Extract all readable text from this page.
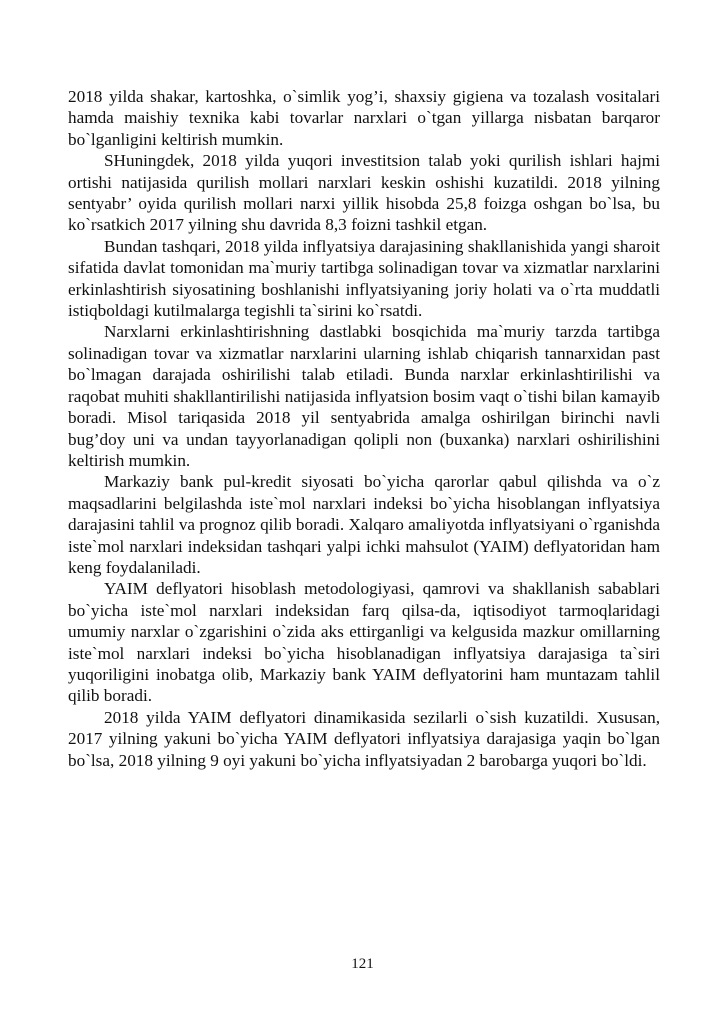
2018 yilda shakar, kartoshka, o`simlik yog’i, shaxsiy gigiena va tozalash vositalari hamda maishiy texnika kabi tovarlar narxlari o`tgan yillarga nisbatan barqaror bo`lganligini keltirish mumkin.

SHuningdek, 2018 yilda yuqori investitsion talab yoki qurilish ishlari hajmi ortishi natijasida qurilish mollari narxlari keskin oshishi kuzatildi. 2018 yilning sentyabr’ oyida qurilish mollari narxi yillik hisobda 25,8 foizga oshgan bo`lsa, bu ko`rsatkich 2017 yilning shu davrida 8,3 foizni tashkil etgan.

Bundan tashqari, 2018 yilda inflyatsiya darajasining shakllanishida yangi sharoit sifatida davlat tomonidan ma`muriy tartibga solinadigan tovar va xizmatlar narxlarini erkinlashtirish siyosatining boshlanishi inflyatsiyaning joriy holati va o`rta muddatli istiqboldagi kutilmalarga tegishli ta`sirini ko`rsatdi.

Narxlarni erkinlashtirishning dastlabki bosqichida ma`muriy tarzda tartibga solinadigan tovar va xizmatlar narxlarini ularning ishlab chiqarish tannarxidan past bo`lmagan darajada oshirilishi talab etiladi. Bunda narxlar erkinlashtirilishi va raqobat muhiti shakllantirilishi natijasida inflyatsion bosim vaqt o`tishi bilan kamayib boradi. Misol tariqasida 2018 yil sentyabrida amalga oshirilgan birinchi navli bug’doy uni va undan tayyorlanadigan qolipli non (buxanka) narxlari oshirilishini keltirish mumkin.

Markaziy bank pul-kredit siyosati bo`yicha qarorlar qabul qilishda va o`z maqsadlarini belgilashda iste`mol narxlari indeksi bo`yicha hisoblangan inflyatsiya darajasini tahlil va prognoz qilib boradi. Xalqaro amaliyotda inflyatsiyani o`rganishda iste`mol narxlari indeksidan tashqari yalpi ichki mahsulot (YAIM) deflyatoridan ham keng foydalaniladi.

YAIM deflyatori hisoblash metodologiyasi, qamrovi va shakllanish sabablari bo`yicha iste`mol narxlari indeksidan farq qilsa-da, iqtisodiyot tarmoqlaridagi umumiy narxlar o`zgarishini o`zida aks ettirganligi va kelgusida mazkur omillarning iste`mol narxlari indeksi bo`yicha hisoblanadigan inflyatsiya darajasiga ta`siri yuqoriligini inobatga olib, Markaziy bank YAIM deflyatorini ham muntazam tahlil qilib boradi.

2018 yilda YAIM deflyatori dinamikasida sezilarli o`sish kuzatildi. Xususan, 2017 yilning yakuni bo`yicha YAIM deflyatori inflyatsiya darajasiga yaqin bo`lgan bo`lsa, 2018 yilning 9 oyi yakuni bo`yicha inflyatsiyadan 2 barobarga yuqori bo`ldi.

121
